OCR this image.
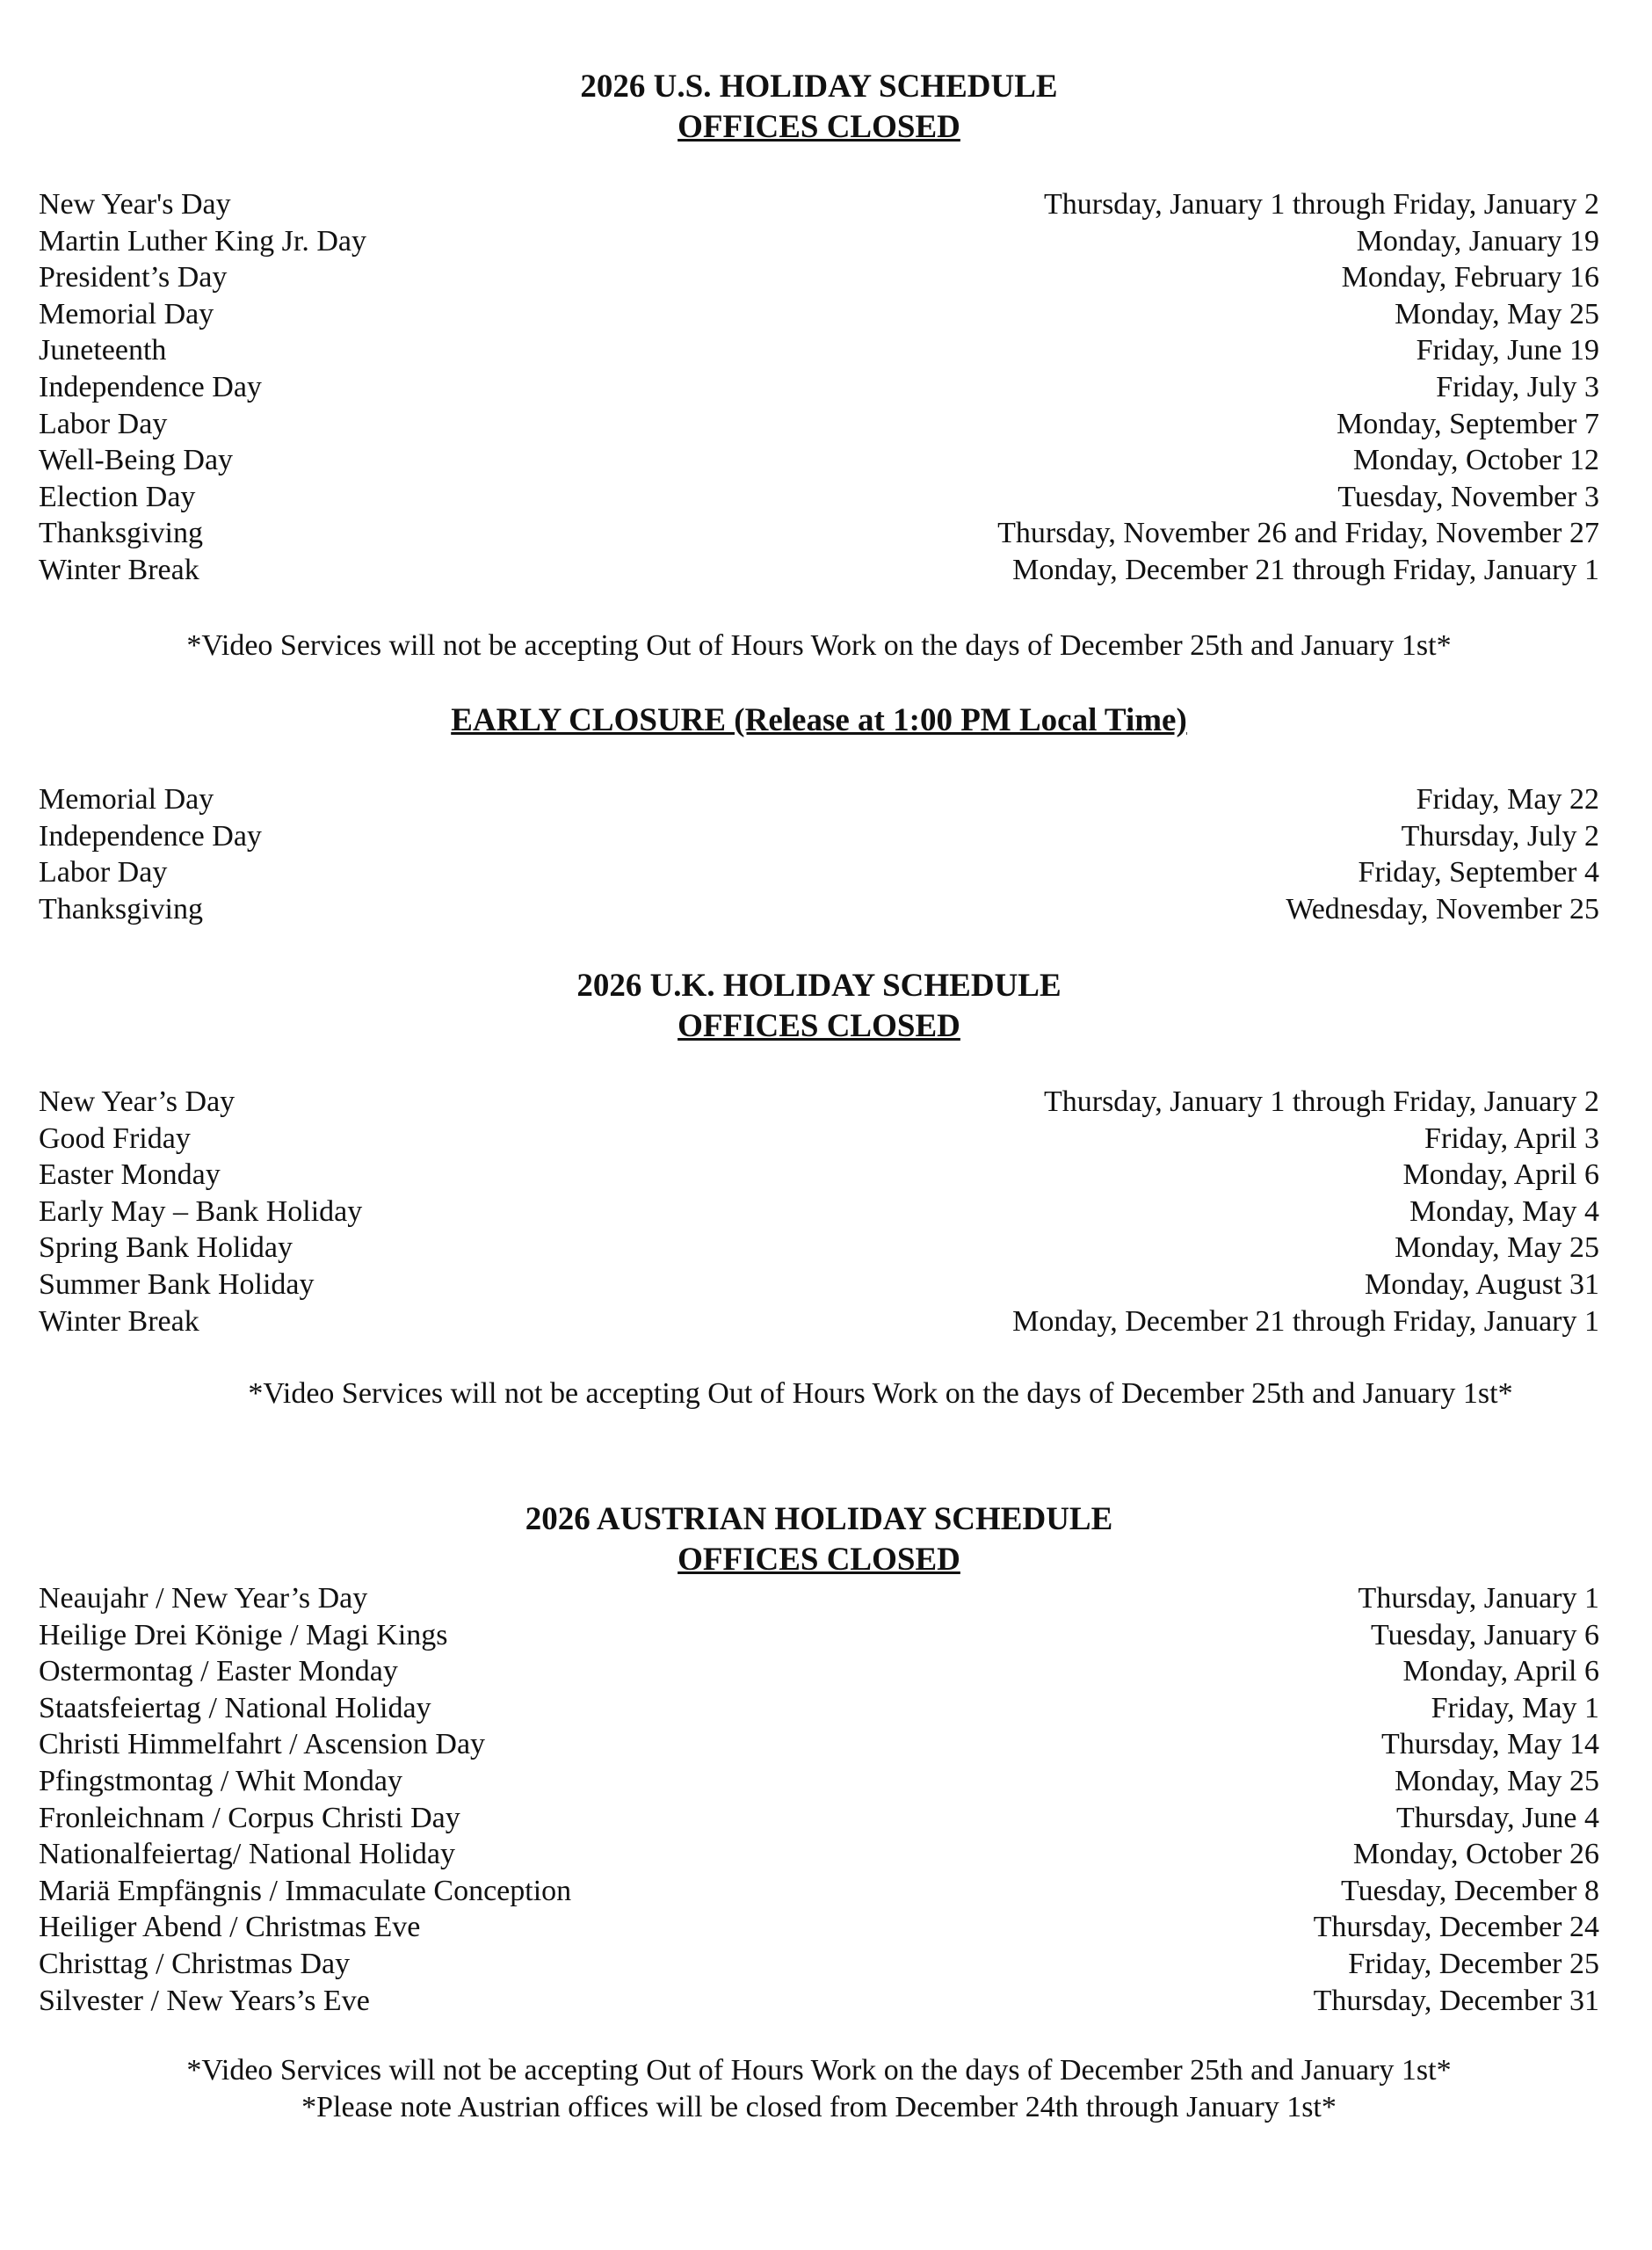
2026 U.S. HOLIDAY SCHEDULE
OFFICES CLOSED
New Year's Day	Thursday, January 1 through Friday, January 2
Martin Luther King Jr. Day	Monday, January 19
President’s Day	Monday, February 16
Memorial Day	Monday, May 25
Juneteenth	Friday, June 19
Independence Day	Friday, July 3
Labor Day	Monday, September 7
Well-Being Day	Monday, October 12
Election Day	Tuesday, November 3
Thanksgiving	Thursday, November 26 and Friday, November 27
Winter Break	Monday, December 21 through Friday, January 1
*Video Services will not be accepting Out of Hours Work on the days of December 25th and January 1st*
EARLY CLOSURE (Release at 1:00 PM Local Time)
Memorial Day	Friday, May 22
Independence Day	Thursday, July 2
Labor Day	Friday, September 4
Thanksgiving	Wednesday, November 25
2026 U.K. HOLIDAY SCHEDULE
OFFICES CLOSED
New Year’s Day	Thursday, January 1 through Friday, January 2
Good Friday	Friday, April 3
Easter Monday	Monday, April 6
Early May – Bank Holiday	Monday, May 4
Spring Bank Holiday	Monday, May 25
Summer Bank Holiday	Monday, August 31
Winter Break	Monday, December 21 through Friday, January 1
*Video Services will not be accepting Out of Hours Work on the days of December 25th and January 1st*
2026 AUSTRIAN HOLIDAY SCHEDULE
OFFICES CLOSED
Neaujahr / New Year’s Day	Thursday, January 1
Heilige Drei Könige / Magi Kings	Tuesday, January 6
Ostermontag / Easter Monday	Monday, April 6
Staatsfeiertag / National Holiday	Friday, May 1
Christi Himmelfahrt / Ascension Day	Thursday, May 14
Pfingstmontag / Whit Monday	Monday, May 25
Fronleichnam / Corpus Christi Day	Thursday, June 4
Nationalfeiertag/ National Holiday	Monday, October 26
Mariä Empfängnis / Immaculate Conception	Tuesday, December 8
Heiliger Abend / Christmas Eve	Thursday, December 24
Christtag / Christmas Day	Friday, December 25
Silvester / New Years’s Eve	Thursday, December 31
*Video Services will not be accepting Out of Hours Work on the days of December 25th and January 1st*
*Please note Austrian offices will be closed from December 24th through January 1st*
